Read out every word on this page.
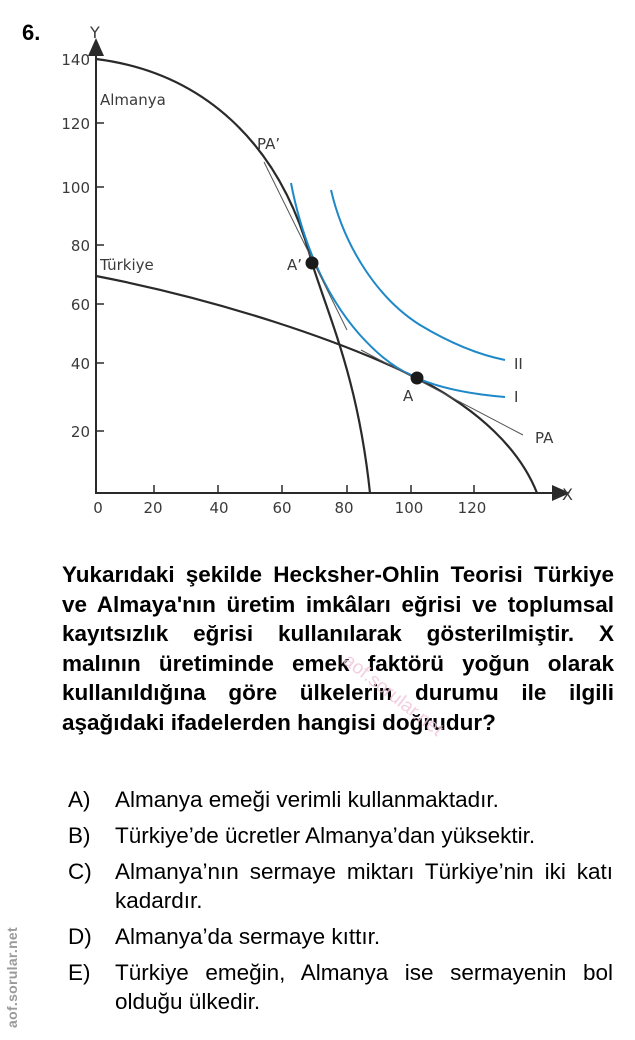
6.	Y
X
140
120
100
80
60
40
20
0	20	40	60	80	100 120
Almanya
Türkiye
PA’
A’
A
II
I
PA
Yukarıdaki şekilde Hecksher-Ohlin Teorisi Türkiye ve Almaya'nın üretim imkâları eğrisi ve toplumsal kayıtsızlık eğrisi kullanılarak gösterilmiştir. X malının üretiminde emek faktörü yoğun olarak kullanıldığına göre ülkelerin durumu ile ilgili aşağıdaki ifadelerden hangisi doğrudur?
A)	Almanya emeği verimli kullanmaktadır.
B)	Türkiye’de ücretler Almanya’dan yüksektir.
C)	Almanya’nın sermaye miktarı Türkiye’nin iki katı kadardır.
D)	Almanya’da sermaye kıttır.
E)	Türkiye emeğin, Almanya ise sermayenin bol olduğu ülkedir.
aof.sorular.net
aof.sorular.net
